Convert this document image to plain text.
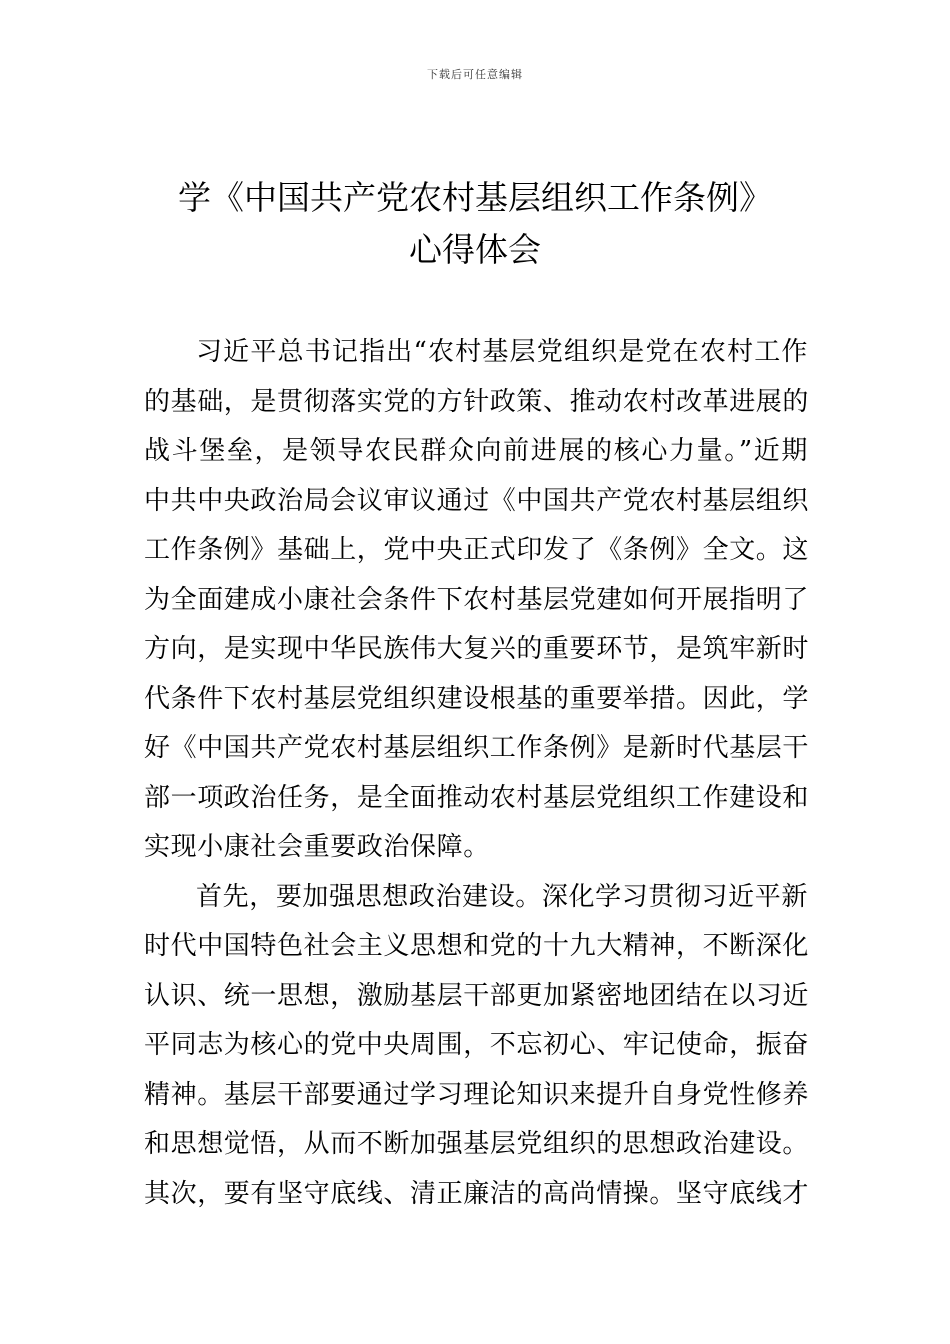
下载后可任意编辑
学《中国共产党农村基层组织工作条例》
心得体会
习近平总书记指出“农村基层党组织是党在农村工作
的基础，是贯彻落实党的方针政策、推动农村改革进展的
战斗堡垒，是领导农民群众向前进展的核心力量。”近期
中共中央政治局会议审议通过《中国共产党农村基层组织
工作条例》基础上，党中央正式印发了《条例》全文。这
为全面建成小康社会条件下农村基层党建如何开展指明了
方向，是实现中华民族伟大复兴的重要环节，是筑牢新时
代条件下农村基层党组织建设根基的重要举措。因此，学
好《中国共产党农村基层组织工作条例》是新时代基层干
部一项政治任务，是全面推动农村基层党组织工作建设和
实现小康社会重要政治保障。
首先，要加强思想政治建设。深化学习贯彻习近平新
时代中国特色社会主义思想和党的十九大精神，不断深化
认识、统一思想，激励基层干部更加紧密地团结在以习近
平同志为核心的党中央周围，不忘初心、牢记使命，振奋
精神。基层干部要通过学习理论知识来提升自身党性修养
和思想觉悟，从而不断加强基层党组织的思想政治建设。
其次，要有坚守底线、清正廉洁的高尚情操。坚守底线才
